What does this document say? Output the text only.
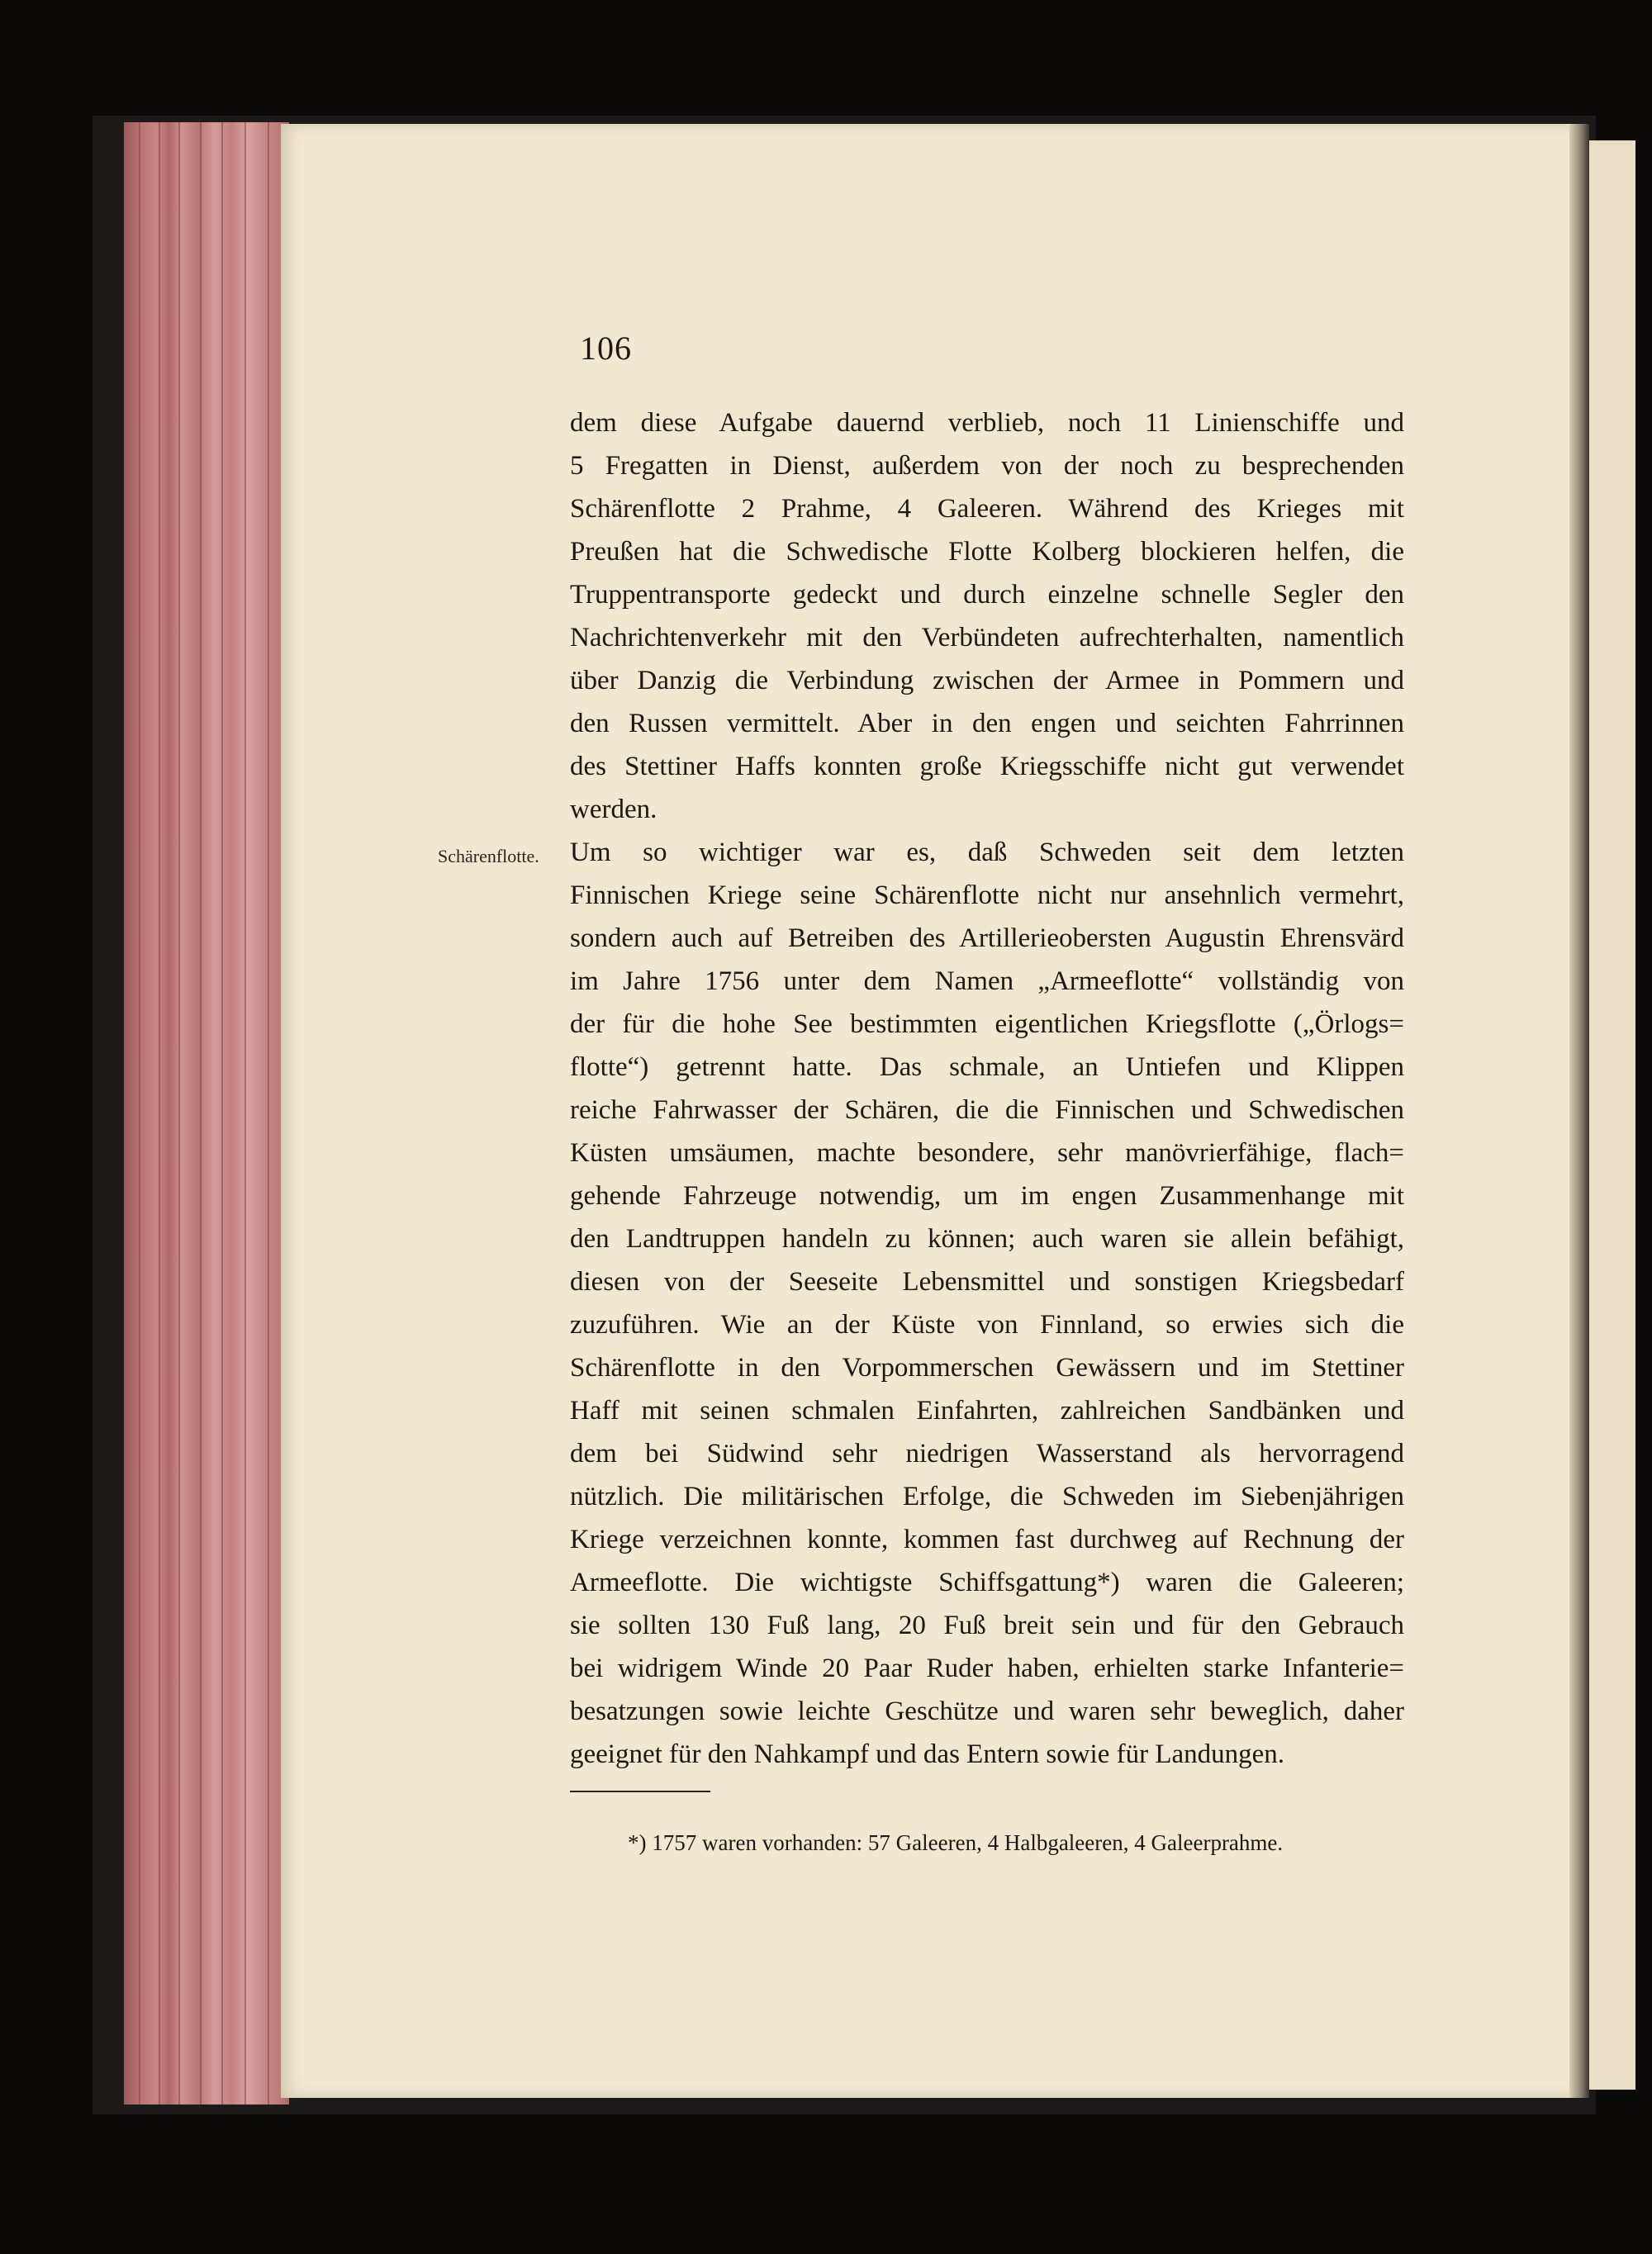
106
Schärenflotte.
dem diese Aufgabe dauernd verblieb, noch 11 Linienschiffe und
5 Fregatten in Dienst, außerdem von der noch zu besprechenden
Schärenflotte 2 Prahme, 4 Galeeren. Während des Krieges mit
Preußen hat die Schwedische Flotte Kolberg blockieren helfen, die
Truppentransporte gedeckt und durch einzelne schnelle Segler den
Nachrichtenverkehr mit den Verbündeten aufrechterhalten, namentlich
über Danzig die Verbindung zwischen der Armee in Pommern und
den Russen vermittelt. Aber in den engen und seichten Fahrrinnen
des Stettiner Haffs konnten große Kriegsschiffe nicht gut verwendet
werden.
Um so wichtiger war es, daß Schweden seit dem letzten
Finnischen Kriege seine Schärenflotte nicht nur ansehnlich vermehrt,
sondern auch auf Betreiben des Artillerieobersten Augustin Ehrensvärd
im Jahre 1756 unter dem Namen „Armeeflotte“ vollständig von
der für die hohe See bestimmten eigentlichen Kriegsflotte („Örlogs=
flotte“) getrennt hatte. Das schmale, an Untiefen und Klippen
reiche Fahrwasser der Schären, die die Finnischen und Schwedischen
Küsten umsäumen, machte besondere, sehr manövrierfähige, flach=
gehende Fahrzeuge notwendig, um im engen Zusammenhange mit
den Landtruppen handeln zu können; auch waren sie allein befähigt,
diesen von der Seeseite Lebensmittel und sonstigen Kriegsbedarf
zuzuführen. Wie an der Küste von Finnland, so erwies sich die
Schärenflotte in den Vorpommerschen Gewässern und im Stettiner
Haff mit seinen schmalen Einfahrten, zahlreichen Sandbänken und
dem bei Südwind sehr niedrigen Wasserstand als hervorragend
nützlich. Die militärischen Erfolge, die Schweden im Siebenjährigen
Kriege verzeichnen konnte, kommen fast durchweg auf Rechnung der
Armeeflotte. Die wichtigste Schiffsgattung*) waren die Galeeren;
sie sollten 130 Fuß lang, 20 Fuß breit sein und für den Gebrauch
bei widrigem Winde 20 Paar Ruder haben, erhielten starke Infanterie=
besatzungen sowie leichte Geschütze und waren sehr beweglich, daher
geeignet für den Nahkampf und das Entern sowie für Landungen.
*) 1757 waren vorhanden: 57 Galeeren, 4 Halbgaleeren, 4 Galeerprahme.
